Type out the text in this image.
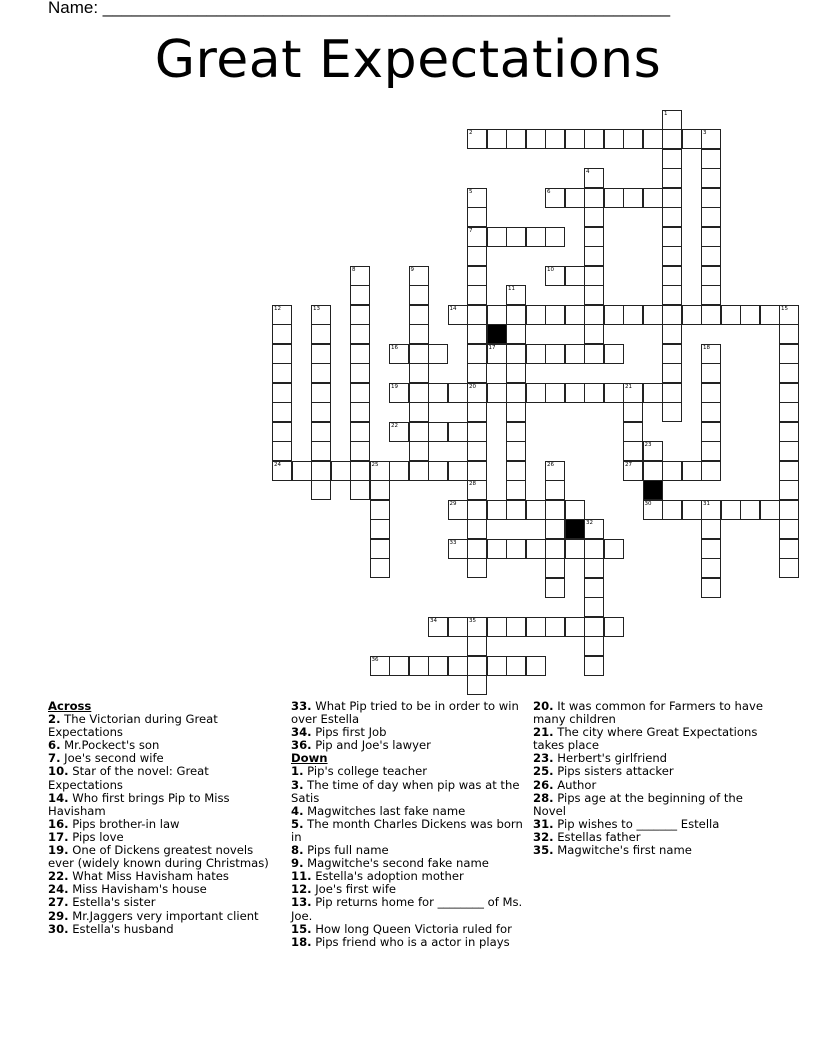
Name: ____________________________________________________________
Great Expectations
2	3
6
7
10
14
16	17
19	20	21
22
24	25	27
29	30	31
33
34	35
36
1
4
5
8	9
11
12	13	15
18
23
26
28
32
Across
2. The Victorian during Great Expectations
6. Mr.Pockect's son
7. Joe's second wife
10. Star of the novel: Great Expectations
14. Who first brings Pip to Miss Havisham
16. Pips brother-in law
17. Pips love
19. One of Dickens greatest novels ever (widely known during Christmas)
22. What Miss Havisham hates
24. Miss Havisham's house
27. Estella's sister
29. Mr.Jaggers very important client
30. Estella's husband
33. What Pip tried to be in order to win over Estella
34. Pips first Job
36. Pip and Joe's lawyer
Down
1. Pip's college teacher
3. The time of day when pip was at the Satis
4. Magwitches last fake name
5. The month Charles Dickens was born in
8. Pips full name
9. Magwitche's second fake name
11. Estella's adoption mother
12. Joe's first wife
13. Pip returns home for ________ of Ms. Joe.
15. How long Queen Victoria ruled for
18. Pips friend who is a actor in plays
20. It was common for Farmers to have many children
21. The city where Great Expectations takes place
23. Herbert's girlfriend
25. Pips sisters attacker
26. Author
28. Pips age at the beginning of the Novel
31. Pip wishes to _______ Estella
32. Estellas father
35. Magwitche's first name
